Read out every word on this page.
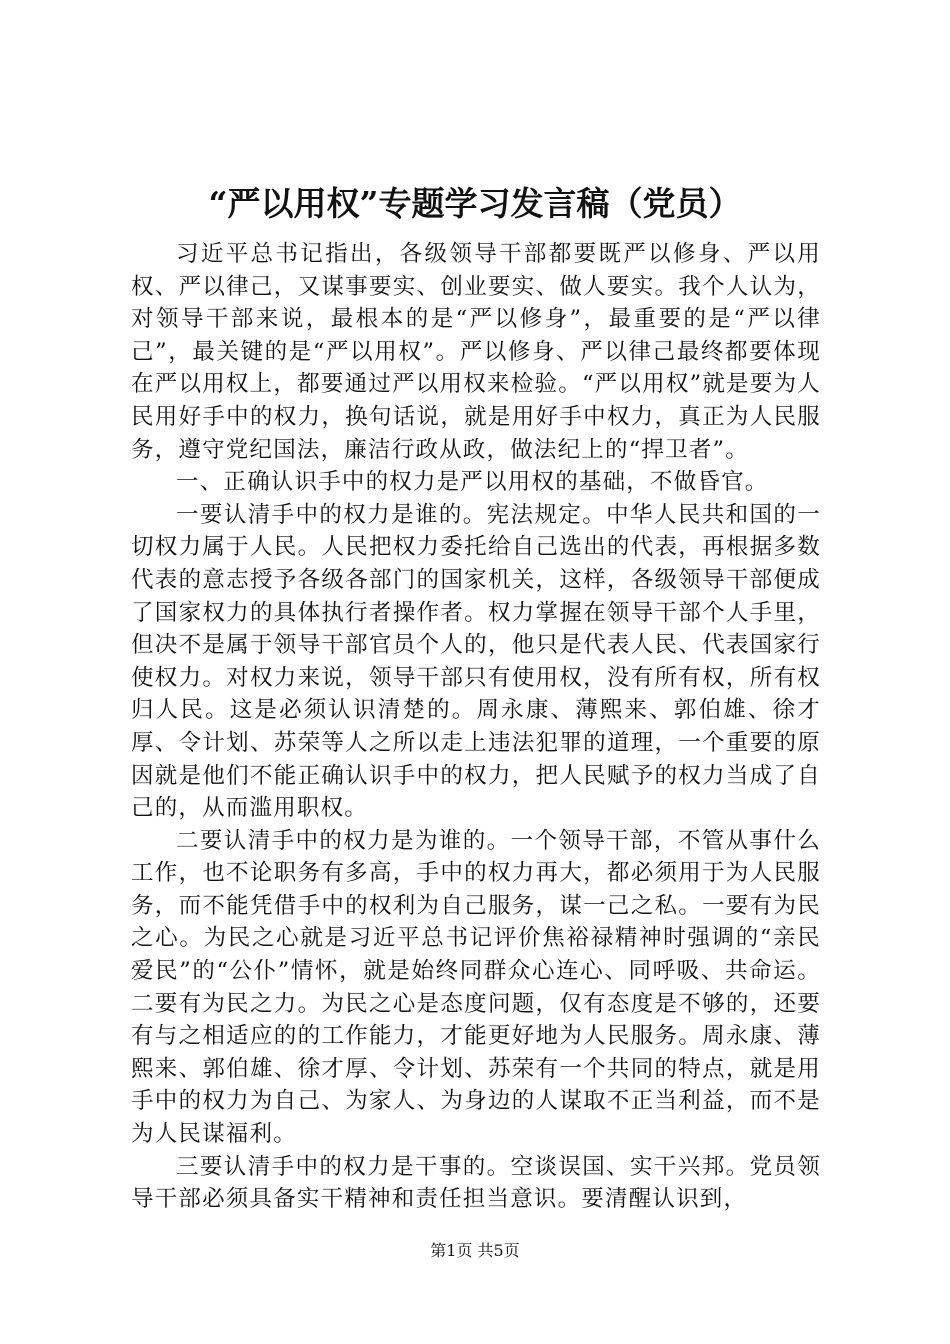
“严以用权”专题学习发言稿（党员）

习近平总书记指出，各级领导干部都要既严以修身、严以用权、严以律己，又谋事要实、创业要实、做人要实。我个人认为，对领导干部来说，最根本的是“严以修身”，最重要的是“严以律己”，最关键的是“严以用权”。严以修身、严以律己最终都要体现在严以用权上，都要通过严以用权来检验。“严以用权”就是要为人民用好手中的权力，换句话说，就是用好手中权力，真正为人民服务，遵守党纪国法，廉洁行政从政，做法纪上的“捍卫者”。

一、正确认识手中的权力是严以用权的基础，不做昏官。

一要认清手中的权力是谁的。宪法规定。中华人民共和国的一切权力属于人民。人民把权力委托给自己选出的代表，再根据多数代表的意志授予各级各部门的国家机关，这样，各级领导干部便成了国家权力的具体执行者操作者。权力掌握在领导干部个人手里，但决不是属于领导干部官员个人的，他只是代表人民、代表国家行使权力。对权力来说，领导干部只有使用权，没有所有权，所有权归人民。这是必须认识清楚的。周永康、薄熙来、郭伯雄、徐才厚、令计划、苏荣等人之所以走上违法犯罪的道理，一个重要的原因就是他们不能正确认识手中的权力，把人民赋予的权力当成了自己的，从而滥用职权。

二要认清手中的权力是为谁的。一个领导干部，不管从事什么工作，也不论职务有多高，手中的权力再大，都必须用于为人民服务，而不能凭借手中的权利为自己服务，谋一己之私。一要有为民之心。为民之心就是习近平总书记评价焦裕禄精神时强调的“亲民爱民”的“公仆”情怀，就是始终同群众心连心、同呼吸、共命运。二要有为民之力。为民之心是态度问题，仅有态度是不够的，还要有与之相适应的的工作能力，才能更好地为人民服务。周永康、薄熙来、郭伯雄、徐才厚、令计划、苏荣有一个共同的特点，就是用手中的权力为自己、为家人、为身边的人谋取不正当利益，而不是为人民谋福利。

三要认清手中的权力是干事的。空谈误国、实干兴邦。党员领导干部必须具备实干精神和责任担当意识。要清醒认识到，

第1页 共5页
